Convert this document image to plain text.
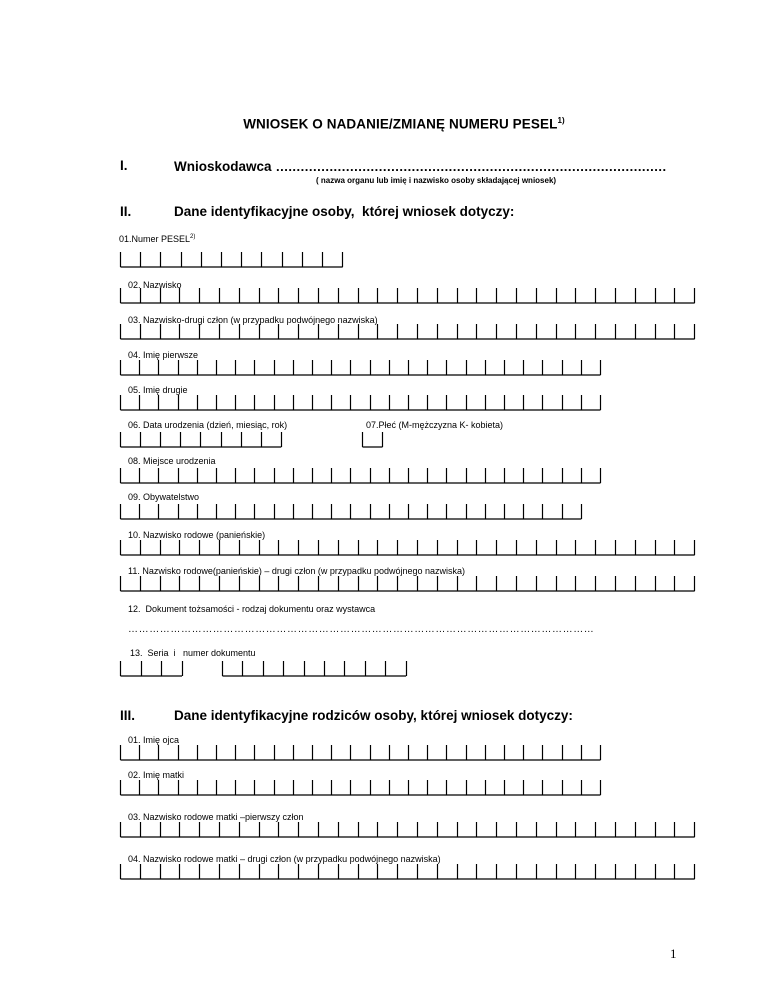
WNIOSEK O NADANIE/ZMIANĘ NUMERU PESEL$^{1)}$
I.	Wnioskodawca ...............................................................................................
( nazwa organu lub imię i nazwisko osoby składającej wniosek)
II.	Dane identyfikacyjne osoby,  której wniosek dotyczy:
01.Numer PESEL$^{2)}$
02. Nazwisko
03. Nazwisko-drugi człon (w przypadku podwójnego nazwiska)
04. Imię pierwsze
05. Imię drugie
06. Data urodzenia (dzień, miesiąc, rok)	07.Płeć (M-mężczyzna K- kobieta)
08. Miejsce urodzenia
09. Obywatelstwo
10. Nazwisko rodowe (panieńskie)
11. Nazwisko rodowe(panieńskie) – drugi człon (w przypadku podwójnego nazwiska)
12.  Dokument tożsamości - rodzaj dokumentu oraz wystawca
……………………………………………………………………………………………………………………
13.  Seria  i   numer dokumentu
III.	Dane identyfikacyjne rodziców osoby, której wniosek dotyczy:
01. Imię ojca
02. Imię matki
03. Nazwisko rodowe matki –pierwszy człon
04. Nazwisko rodowe matki – drugi człon (w przypadku podwójnego nazwiska)
1
